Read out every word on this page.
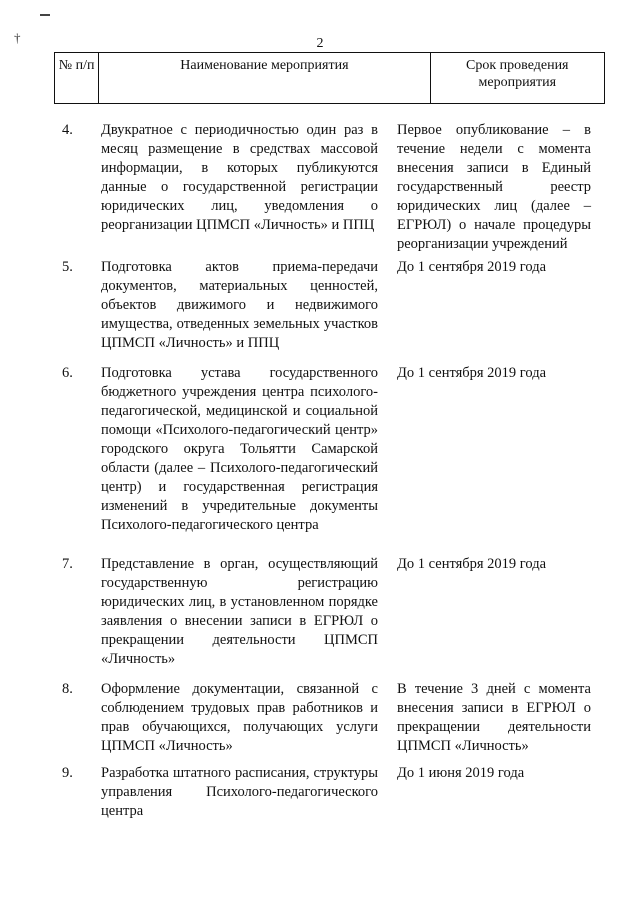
†	2
№ п/п	Наименование мероприятия	Срок проведения мероприятия
4. Двукратное с периодичностью один раз в месяц размещение в средствах массовой информации, в которых публикуются данные о государственной регистрации юридических лиц, уведомления о реорганизации ЦПМСП «Личность» и ППЦ
Первое опубликование – в течение недели с момента внесения записи в Единый государственный реестр юридических лиц (далее – ЕГРЮЛ) о начале процедуры реорганизации учреждений
5. Подготовка актов приема-передачи документов, материальных ценностей, объектов движимого и недвижимого имущества, отведенных земельных участков ЦПМСП «Личность» и ППЦ
До 1 сентября 2019 года
6. Подготовка устава государственного бюджетного учреждения центра психолого-педагогической, медицинской и социальной помощи «Психолого-педагогический центр» городского округа Тольятти Самарской области (далее – Психолого-педагогический центр) и государственная регистрация изменений в учредительные документы Психолого-педагогического центра
До 1 сентября 2019 года
7. Представление в орган, осуществляющий государственную регистрацию юридических лиц, в установленном порядке заявления о внесении записи в ЕГРЮЛ о прекращении деятельности ЦПМСП «Личность»
До 1 сентября 2019 года
8. Оформление документации, связанной с соблюдением трудовых прав работников и прав обучающихся, получающих услуги ЦПМСП «Личность»
В течение 3 дней с момента внесения записи в ЕГРЮЛ о прекращении деятельности ЦПМСП «Личность»
9. Разработка штатного расписания, структуры управления Психолого-педагогического центра
До 1 июня 2019 года
